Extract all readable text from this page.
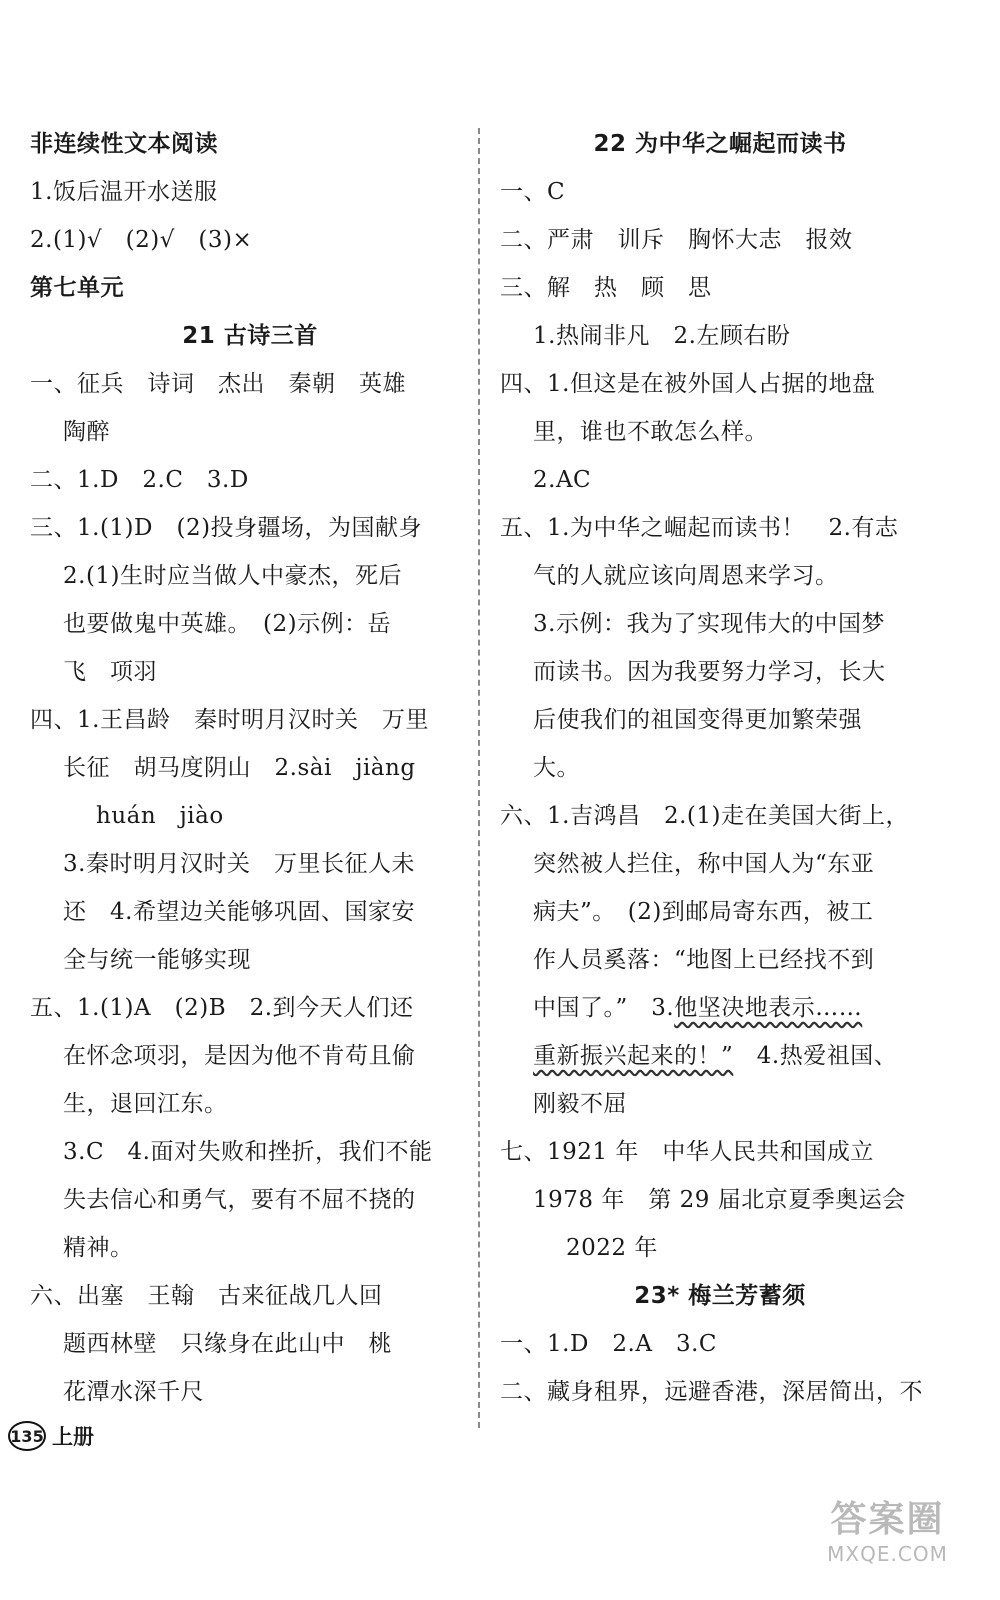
非连续性文本阅读
1.饭后温开水送服
2.(1)√　(2)√　(3)×
第七单元
21 古诗三首
一、征兵　诗词　杰出　秦朝　英雄
陶醉
二、1.D　2.C　3.D
三、1.(1)D　(2)投身疆场，为国献身
2.(1)生时应当做人中豪杰，死后
也要做鬼中英雄。　(2)示例：岳
飞　项羽
四、1.王昌龄　秦时明月汉时关　万里
长征　胡马度阴山　2.sài　jiàng
huán　jiào
3.秦时明月汉时关　万里长征人未
还　4.希望边关能够巩固、国家安
全与统一能够实现
五、1.(1)A　(2)B　2.到今天人们还
在怀念项羽，是因为他不肯苟且偷
生，退回江东。
3.C　4.面对失败和挫折，我们不能
失去信心和勇气，要有不屈不挠的
精神。
六、出塞　王翰　古来征战几人回
题西林壁　只缘身在此山中　桃
花潭水深千尺
22 为中华之崛起而读书
一、C
二、严肃　训斥　胸怀大志　报效
三、解　热　顾　思
1.热闹非凡　2.左顾右盼
四、1.但这是在被外国人占据的地盘
里，谁也不敢怎么样。
2.AC
五、1.为中华之崛起而读书！　2.有志
气的人就应该向周恩来学习。
3.示例：我为了实现伟大的中国梦
而读书。因为我要努力学习，长大
后使我们的祖国变得更加繁荣强
大。
六、1.吉鸿昌　2.(1)走在美国大街上，
突然被人拦住，称中国人为“东亚
病夫”。　(2)到邮局寄东西，被工
作人员奚落：“地图上已经找不到
中国了。”　3.他坚决地表示……
重新振兴起来的！”　4.热爱祖国、
刚毅不屈
七、1921 年　中华人民共和国成立
1978 年　第 29 届北京夏季奥运会
2022 年
23* 梅兰芳蓄须
一、1.D　2.A　3.C
二、藏身租界，远避香港，深居简出，不
135 上册
答案圈
MXQE.COM
